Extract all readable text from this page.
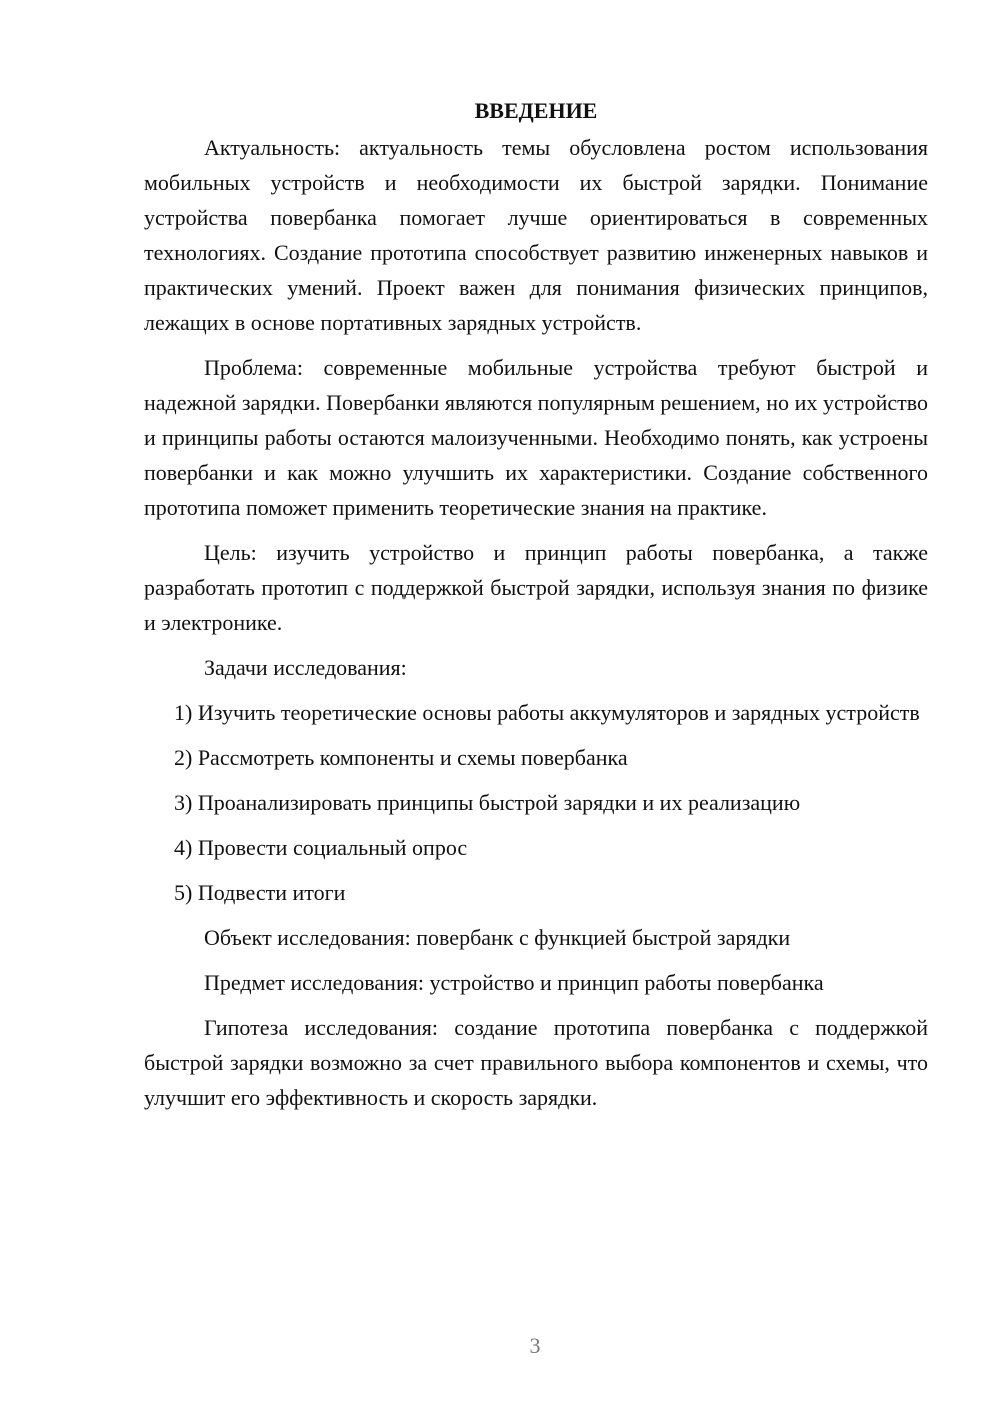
ВВЕДЕНИЕ

Актуальность: актуальность темы обусловлена ростом использования мобильных устройств и необходимости их быстрой зарядки. Понимание устройства повербанка помогает лучше ориентироваться в современных технологиях. Создание прототипа способствует развитию инженерных навыков и практических умений. Проект важен для понимания физических принципов, лежащих в основе портативных зарядных устройств.

Проблема: современные мобильные устройства требуют быстрой и надежной зарядки. Повербанки являются популярным решением, но их устройство и принципы работы остаются малоизученными. Необходимо понять, как устроены повербанки и как можно улучшить их характеристики. Создание собственного прототипа поможет применить теоретические знания на практике.

Цель: изучить устройство и принцип работы повербанка, а также разработать прототип с поддержкой быстрой зарядки, используя знания по физике и электронике.

Задачи исследования:

1) Изучить теоретические основы работы аккумуляторов и зарядных устройств

2) Рассмотреть компоненты и схемы повербанка

3) Проанализировать принципы быстрой зарядки и их реализацию

4) Провести социальный опрос

5) Подвести итоги

Объект исследования: повербанк с функцией быстрой зарядки

Предмет исследования: устройство и принцип работы повербанка

Гипотеза исследования: создание прототипа повербанка с поддержкой быстрой зарядки возможно за счет правильного выбора компонентов и схемы, что улучшит его эффективность и скорость зарядки.

3
